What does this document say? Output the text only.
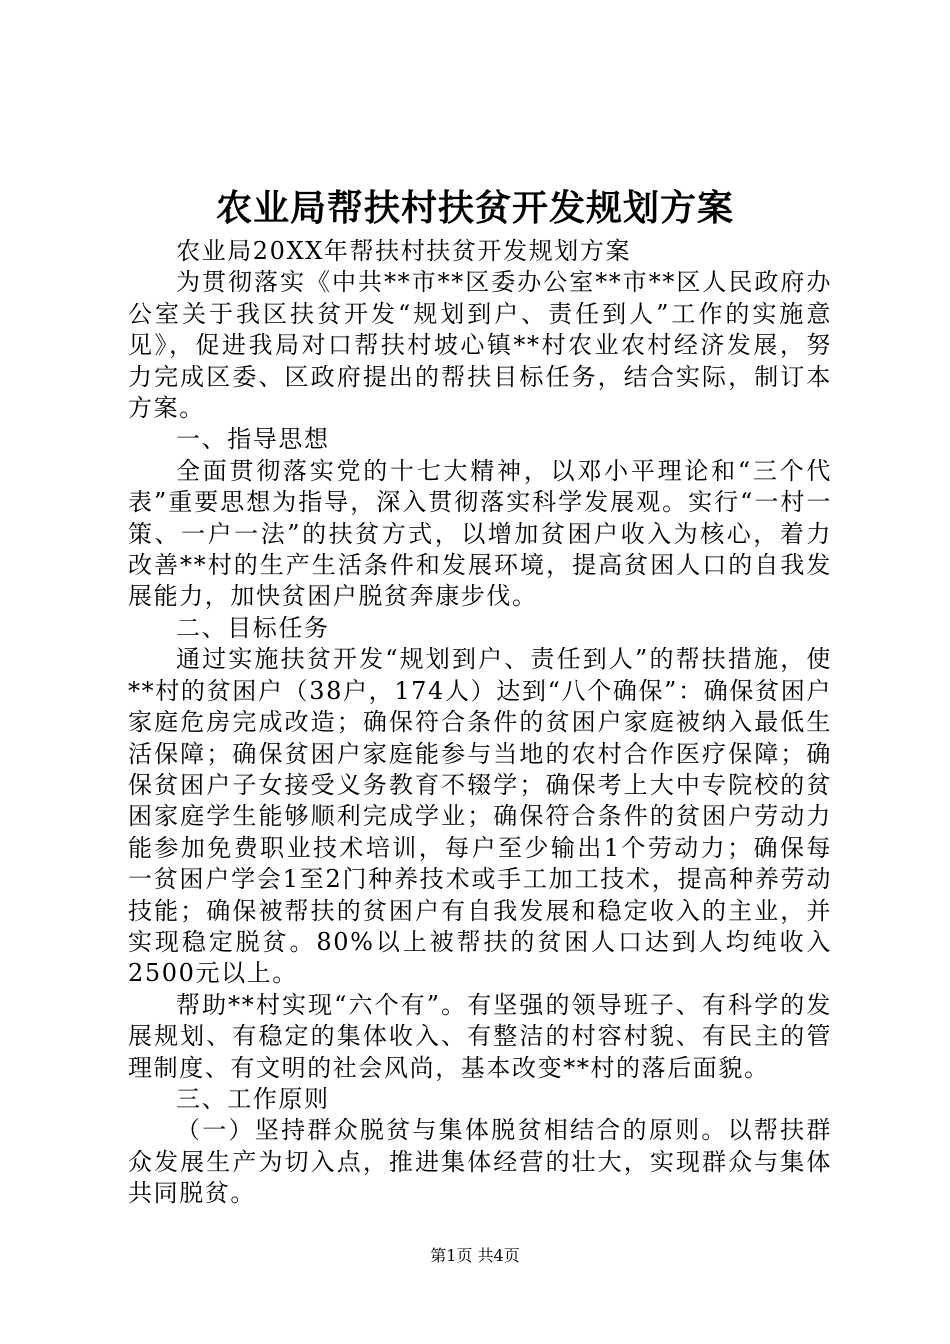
农业局帮扶村扶贫开发规划方案

农业局20XX年帮扶村扶贫开发规划方案

为贯彻落实《中共**市**区委办公室**市**区人民政府办公室关于我区扶贫开发“规划到户、责任到人”工作的实施意见》，促进我局对口帮扶村坡心镇**村农业农村经济发展，努力完成区委、区政府提出的帮扶目标任务，结合实际，制订本方案。

一、指导思想

全面贯彻落实党的十七大精神，以邓小平理论和“三个代表”重要思想为指导，深入贯彻落实科学发展观。实行“一村一策、一户一法”的扶贫方式，以增加贫困户收入为核心，着力改善**村的生产生活条件和发展环境，提高贫困人口的自我发展能力，加快贫困户脱贫奔康步伐。

二、目标任务

通过实施扶贫开发“规划到户、责任到人”的帮扶措施，使**村的贫困户（38户，174人）达到“八个确保”：确保贫困户家庭危房完成改造；确保符合条件的贫困户家庭被纳入最低生活保障；确保贫困户家庭能参与当地的农村合作医疗保障；确保贫困户子女接受义务教育不辍学；确保考上大中专院校的贫困家庭学生能够顺利完成学业；确保符合条件的贫困户劳动力能参加免费职业技术培训，每户至少输出1个劳动力；确保每一贫困户学会1至2门种养技术或手工加工技术，提高种养劳动技能；确保被帮扶的贫困户有自我发展和稳定收入的主业，并实现稳定脱贫。80%以上被帮扶的贫困人口达到人均纯收入2500元以上。

帮助**村实现“六个有”。有坚强的领导班子、有科学的发展规划、有稳定的集体收入、有整洁的村容村貌、有民主的管理制度、有文明的社会风尚，基本改变**村的落后面貌。

三、工作原则

（一）坚持群众脱贫与集体脱贫相结合的原则。以帮扶群众发展生产为切入点，推进集体经营的壮大，实现群众与集体共同脱贫。

第1页 共4页
